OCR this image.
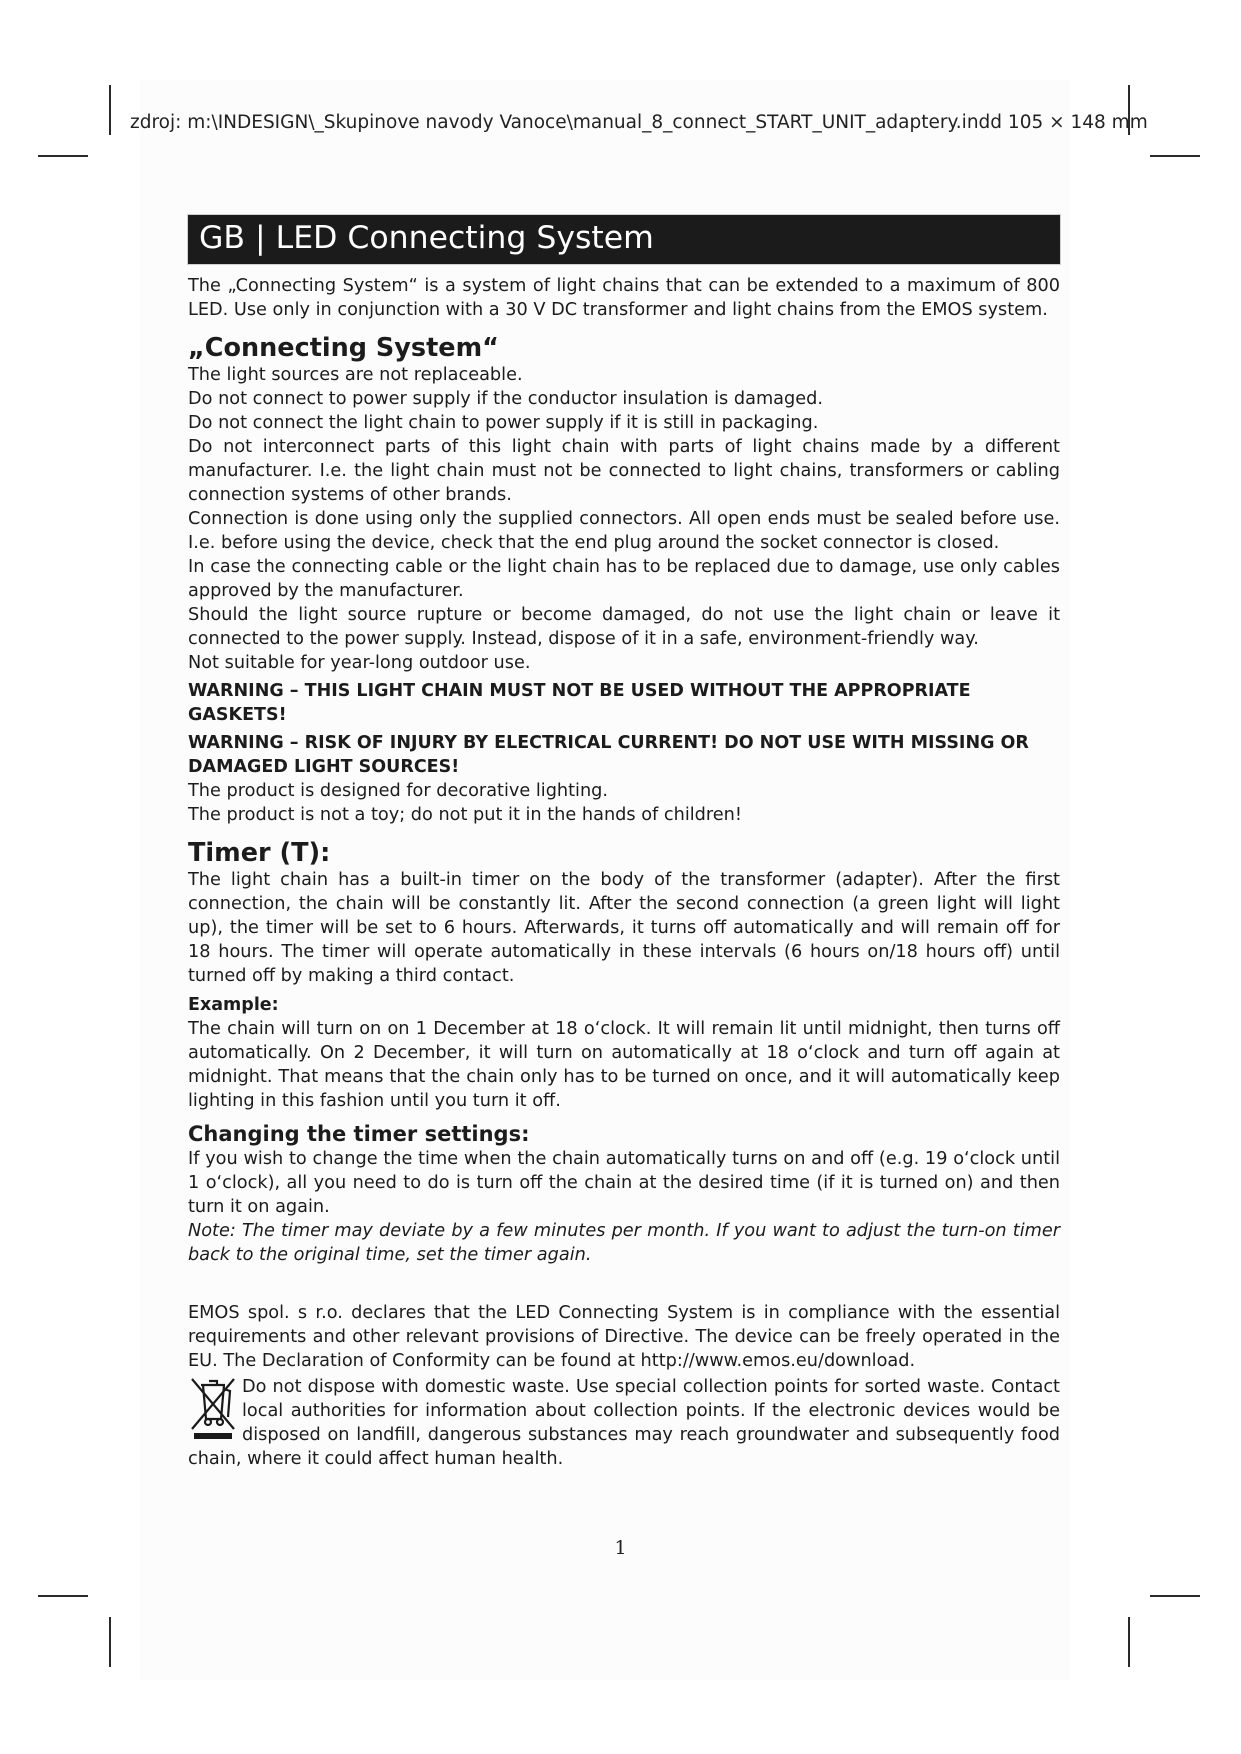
zdroj: m:\INDESIGN\_Skupinove navody Vanoce\manual_8_connect_START_UNIT_adaptery.indd 105 × 148 mm
GB | LED Connecting System

The „Connecting System“ is a system of light chains that can be extended to a maximum of 800 LED. Use only in conjunction with a 30 V DC transformer and light chains from the EMOS system.

„Connecting System“

The light sources are not replaceable.

Do not connect to power supply if the conductor insulation is damaged.

Do not connect the light chain to power supply if it is still in packaging.

Do not interconnect parts of this light chain with parts of light chains made by a different manufacturer. I.e. the light chain must not be connected to light chains, transformers or cabling connection systems of other brands.

Connection is done using only the supplied connectors. All open ends must be sealed before use. I.e. before using the device, check that the end plug around the socket connector is closed.

In case the connecting cable or the light chain has to be replaced due to damage, use only cables approved by the manufacturer.

Should the light source rupture or become damaged, do not use the light chain or leave it connected to the power supply. Instead, dispose of it in a safe, environment-friendly way.

Not suitable for year-long outdoor use.

WARNING – THIS LIGHT CHAIN MUST NOT BE USED WITHOUT THE APPROPRIATE GASKETS!

WARNING – RISK OF INJURY BY ELECTRICAL CURRENT! DO NOT USE WITH MISSING OR DAMAGED LIGHT SOURCES!

The product is designed for decorative lighting.

The product is not a toy; do not put it in the hands of children!

Timer (T):

The light chain has a built-in timer on the body of the transformer (adapter). After the first connection, the chain will be constantly lit. After the second connection (a green light will light up), the timer will be set to 6 hours. Afterwards, it turns off automatically and will remain off for 18 hours. The timer will operate automatically in these intervals (6 hours on/18 hours off) until turned off by making a third contact.

Example:

The chain will turn on on 1 December at 18 o‘clock. It will remain lit until midnight, then turns off automatically. On 2 December, it will turn on automatically at 18 o‘clock and turn off again at midnight. That means that the chain only has to be turned on once, and it will automatically keep lighting in this fashion until you turn it off.

Changing the timer settings:

If you wish to change the time when the chain automatically turns on and off (e.g. 19 o‘clock until 1 o‘clock), all you need to do is turn off the chain at the desired time (if it is turned on) and then turn it on again.

Note: The timer may deviate by a few minutes per month. If you want to adjust the turn-on timer back to the original time, set the timer again.

EMOS spol. s r.o. declares that the LED Connecting System is in compliance with the essential requirements and other relevant provisions of Directive. The device can be freely operated in the EU. The Declaration of Conformity can be found at http://www.emos.eu/download.

Do not dispose with domestic waste. Use special collection points for sorted waste. Contact local authorities for information about collection points. If the electronic devices would be disposed on landfill, dangerous substances may reach groundwater and subsequently food chain, where it could affect human health.

1
